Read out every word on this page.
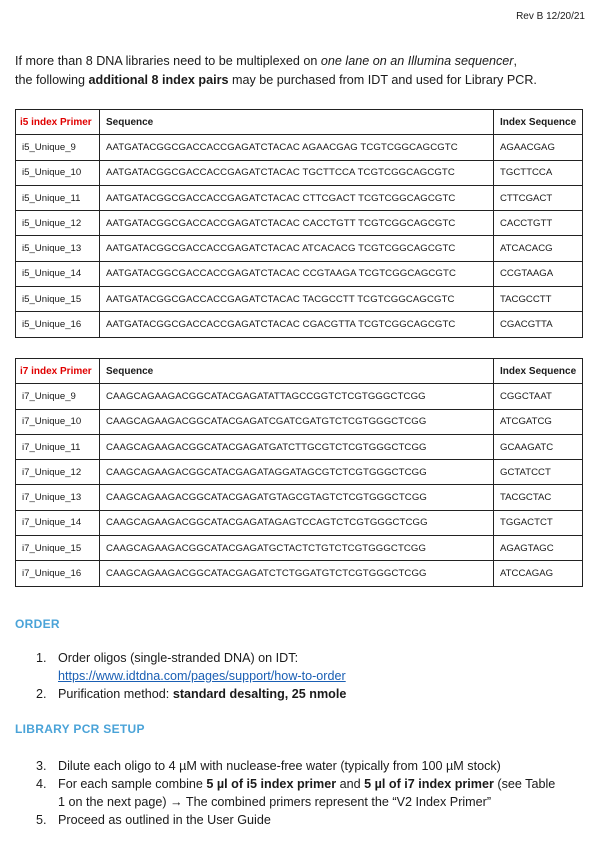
Rev B 12/20/21
If more than 8 DNA libraries need to be multiplexed on one lane on an Illumina sequencer,
the following additional 8 index pairs may be purchased from IDT and used for Library PCR.
i5 index Primer	Sequence	Index Sequence
i5_Unique_9	AATGATACGGCGACCACCGAGATCTACAC AGAACGAG TCGTCGGCAGCGTC	AGAACGAG
i5_Unique_10	AATGATACGGCGACCACCGAGATCTACAC TGCTTCCA TCGTCGGCAGCGTC	TGCTTCCA
i5_Unique_11	AATGATACGGCGACCACCGAGATCTACAC CTTCGACT TCGTCGGCAGCGTC	CTTCGACT
i5_Unique_12	AATGATACGGCGACCACCGAGATCTACAC CACCTGTT TCGTCGGCAGCGTC	CACCTGTT
i5_Unique_13	AATGATACGGCGACCACCGAGATCTACAC ATCACACG TCGTCGGCAGCGTC	ATCACACG
i5_Unique_14	AATGATACGGCGACCACCGAGATCTACAC CCGTAAGA TCGTCGGCAGCGTC	CCGTAAGA
i5_Unique_15	AATGATACGGCGACCACCGAGATCTACAC TACGCCTT TCGTCGGCAGCGTC	TACGCCTT
i5_Unique_16	AATGATACGGCGACCACCGAGATCTACAC CGACGTTA TCGTCGGCAGCGTC	CGACGTTA
i7 index Primer	Sequence	Index Sequence
i7_Unique_9	CAAGCAGAAGACGGCATACGAGATATTAGCCGGTCTCGTGGGCTCGG	CGGCTAAT
i7_Unique_10	CAAGCAGAAGACGGCATACGAGATCGATCGATGTCTCGTGGGCTCGG	ATCGATCG
i7_Unique_11	CAAGCAGAAGACGGCATACGAGATGATCTTGCGTCTCGTGGGCTCGG	GCAAGATC
i7_Unique_12	CAAGCAGAAGACGGCATACGAGATAGGATAGCGTCTCGTGGGCTCGG	GCTATCCT
i7_Unique_13	CAAGCAGAAGACGGCATACGAGATGTAGCGTAGTCTCGTGGGCTCGG	TACGCTAC
i7_Unique_14	CAAGCAGAAGACGGCATACGAGATAGAGTCCAGTCTCGTGGGCTCGG	TGGACTCT
i7_Unique_15	CAAGCAGAAGACGGCATACGAGATGCTACTCTGTCTCGTGGGCTCGG	AGAGTAGC
i7_Unique_16	CAAGCAGAAGACGGCATACGAGATCTCTGGATGTCTCGTGGGCTCGG	ATCCAGAG
ORDER
1. Order oligos (single-stranded DNA) on IDT:
https://www.idtdna.com/pages/support/how-to-order
2. Purification method: standard desalting, 25 nmole
LIBRARY PCR SETUP
3. Dilute each oligo to 4 µM with nuclease-free water (typically from 100 µM stock)
4. For each sample combine 5 µl of i5 index primer and 5 µl of i7 index primer (see Table 1 on the next page) → The combined primers represent the “V2 Index Primer”
5. Proceed as outlined in the User Guide
